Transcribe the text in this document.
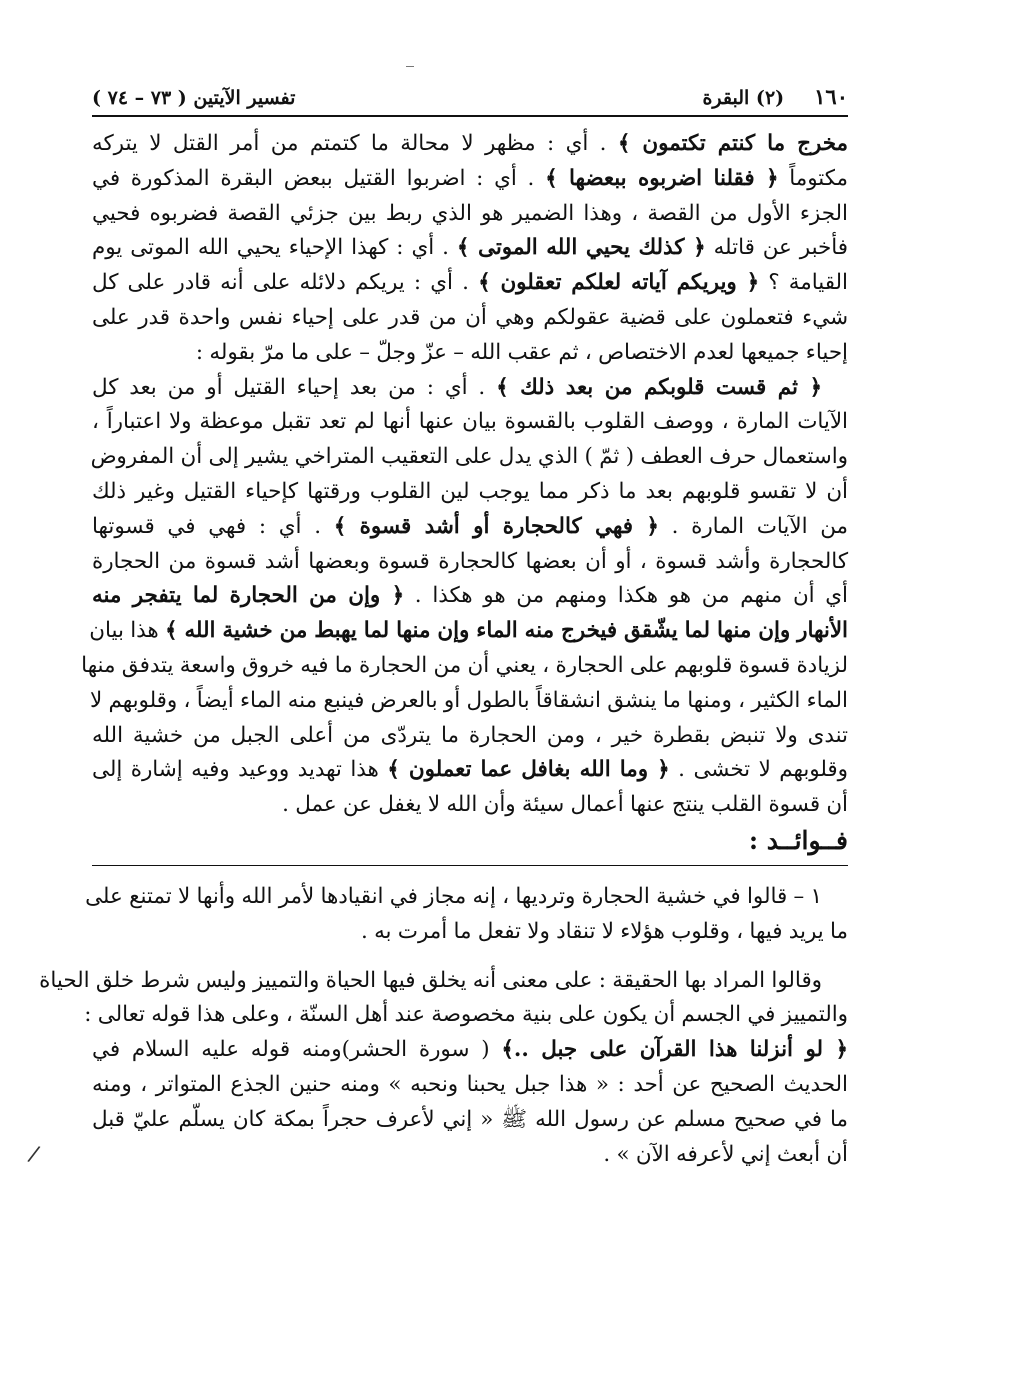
١٦٠
(٢) البقرة
تفسير الآيتين ( ٧٣ – ٧٤ )

مخرج ما كنتم تكتمون ﴾ . أي : مظهر لا محالة ما كتمتم من أمر القتل لا يتركه

مكتوماً ﴿ فقلنا اضربوه ببعضها ﴾ . أي : اضربوا القتيل ببعض البقرة المذكورة في

الجزء الأول من القصة ، وهذا الضمير هو الذي ربط بين جزئي القصة فضربوه فحيي

فأخبر عن قاتله ﴿ كذلك يحيي الله الموتى ﴾ . أي : كهذا الإحياء يحيي الله الموتى يوم

القيامة ؟ ﴿ ويريكم آياته لعلكم تعقلون ﴾ . أي : يريكم دلائله على أنه قادر على كل

شيء فتعملون على قضية عقولكم وهي أن من قدر على إحياء نفس واحدة قدر على

إحياء جميعها لعدم الاختصاص ، ثم عقب الله – عزّ وجلّ – على ما مرّ بقوله :

﴿ ثم قست قلوبكم من بعد ذلك ﴾ . أي : من بعد إحياء القتيل أو من بعد كل

الآيات المارة ، ووصف القلوب بالقسوة بيان عنها أنها لم تعد تقبل موعظة ولا اعتباراً ،

واستعمال حرف العطف ( ثمّ ) الذي يدل على التعقيب المتراخي يشير إلى أن المفروض

أن لا تقسو قلوبهم بعد ما ذكر مما يوجب لين القلوب ورقتها كإحياء القتيل وغير ذلك

من الآيات المارة . ﴿ فهي كالحجارة أو أشد قسوة ﴾ . أي : فهي في قسوتها

كالحجارة وأشد قسوة ، أو أن بعضها كالحجارة قسوة وبعضها أشد قسوة من الحجارة

أي أن منهم من هو هكذا ومنهم من هو هكذا . ﴿ وإن من الحجارة لما يتفجر منه

الأنهار وإن منها لما يشّقق فيخرج منه الماء وإن منها لما يهبط من خشية الله ﴾ هذا بيان

لزيادة قسوة قلوبهم على الحجارة ، يعني أن من الحجارة ما فيه خروق واسعة يتدفق منها

الماء الكثير ، ومنها ما ينشق انشقاقاً بالطول أو بالعرض فينبع منه الماء أيضاً ، وقلوبهم لا

تندى ولا تنبض بقطرة خير ، ومن الحجارة ما يتردّى من أعلى الجبل من خشية الله

وقلوبهم لا تخشى . ﴿ وما الله بغافل عما تعملون ﴾ هذا تهديد ووعيد وفيه إشارة إلى

أن قسوة القلب ينتج عنها أعمال سيئة وأن الله لا يغفل عن عمل .

فــوائــد :

١ – قالوا في خشية الحجارة وترديها ، إنه مجاز في انقيادها لأمر الله وأنها لا تمتنع على

ما يريد فيها ، وقلوب هؤلاء لا تنقاد ولا تفعل ما أمرت به .

وقالوا المراد بها الحقيقة : على معنى أنه يخلق فيها الحياة والتمييز وليس شرط خلق الحياة

والتمييز في الجسم أن يكون على بنية مخصوصة عند أهل السنّة ، وعلى هذا قوله تعالى :

﴿ لو أنزلنا هذا القرآن على جبل ..﴾ ( سورة الحشر)ومنه قوله عليه السلام في

الحديث الصحيح عن أحد : « هذا جبل يحبنا ونحبه » ومنه حنين الجذع المتواتر ، ومنه

ما في صحيح مسلم عن رسول الله ﷺ « إني لأعرف حجراً بمكة كان يسلّم عليّ قبل

أن أبعث إني لأعرفه الآن » .

/
